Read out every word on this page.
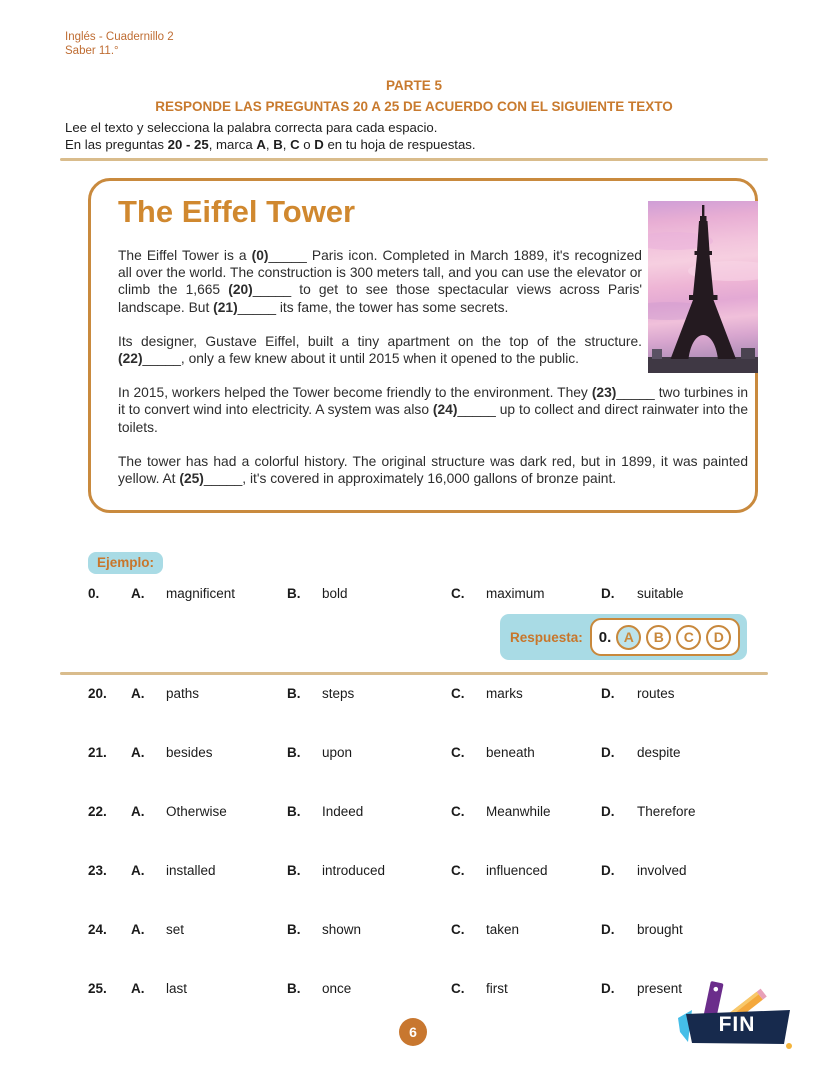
Inglés - Cuadernillo 2
Saber 11.°
PARTE 5
RESPONDE LAS PREGUNTAS 20 A 25 DE ACUERDO CON EL SIGUIENTE TEXTO
Lee el texto y selecciona la palabra correcta para cada espacio.
En las preguntas 20 - 25, marca A, B, C o D en tu hoja de respuestas.
The Eiffel Tower

The Eiffel Tower is a (0)_____ Paris icon. Completed in March 1889, it's recognized all over the world. The construction is 300 meters tall, and you can use the elevator or climb the 1,665 (20)_____ to get to see those spectacular views across Paris' landscape. But (21)_____ its fame, the tower has some secrets.

Its designer, Gustave Eiffel, built a tiny apartment on the top of the structure. (22)_____, only a few knew about it until 2015 when it opened to the public.

In 2015, workers helped the Tower become friendly to the environment. They (23)_____ two turbines in it to convert wind into electricity. A system was also (24)_____ up to collect and direct rainwater into the toilets.

The tower has had a colorful history. The original structure was dark red, but in 1899, it was painted yellow. At (25)_____, it's covered in approximately 16,000 gallons of bronze paint.

Ejemplo:
0.	A.	magnificent	B.	bold	C.	maximum	D.	suitable
Respuesta: 0. A	B	C	D
20.	A.	paths	B.	steps	C.	marks	D.	routes
21.	A.	besides	B.	upon	C.	beneath	D.	despite
22.	A.	Otherwise	B.	Indeed	C.	Meanwhile	D.	Therefore
23.	A.	installed	B.	introduced	C.	influenced	D.	involved
24.	A.	set	B.	shown	C.	taken	D.	brought
25.	A.	last	B.	once	C.	first	D.	present
6	FIN
